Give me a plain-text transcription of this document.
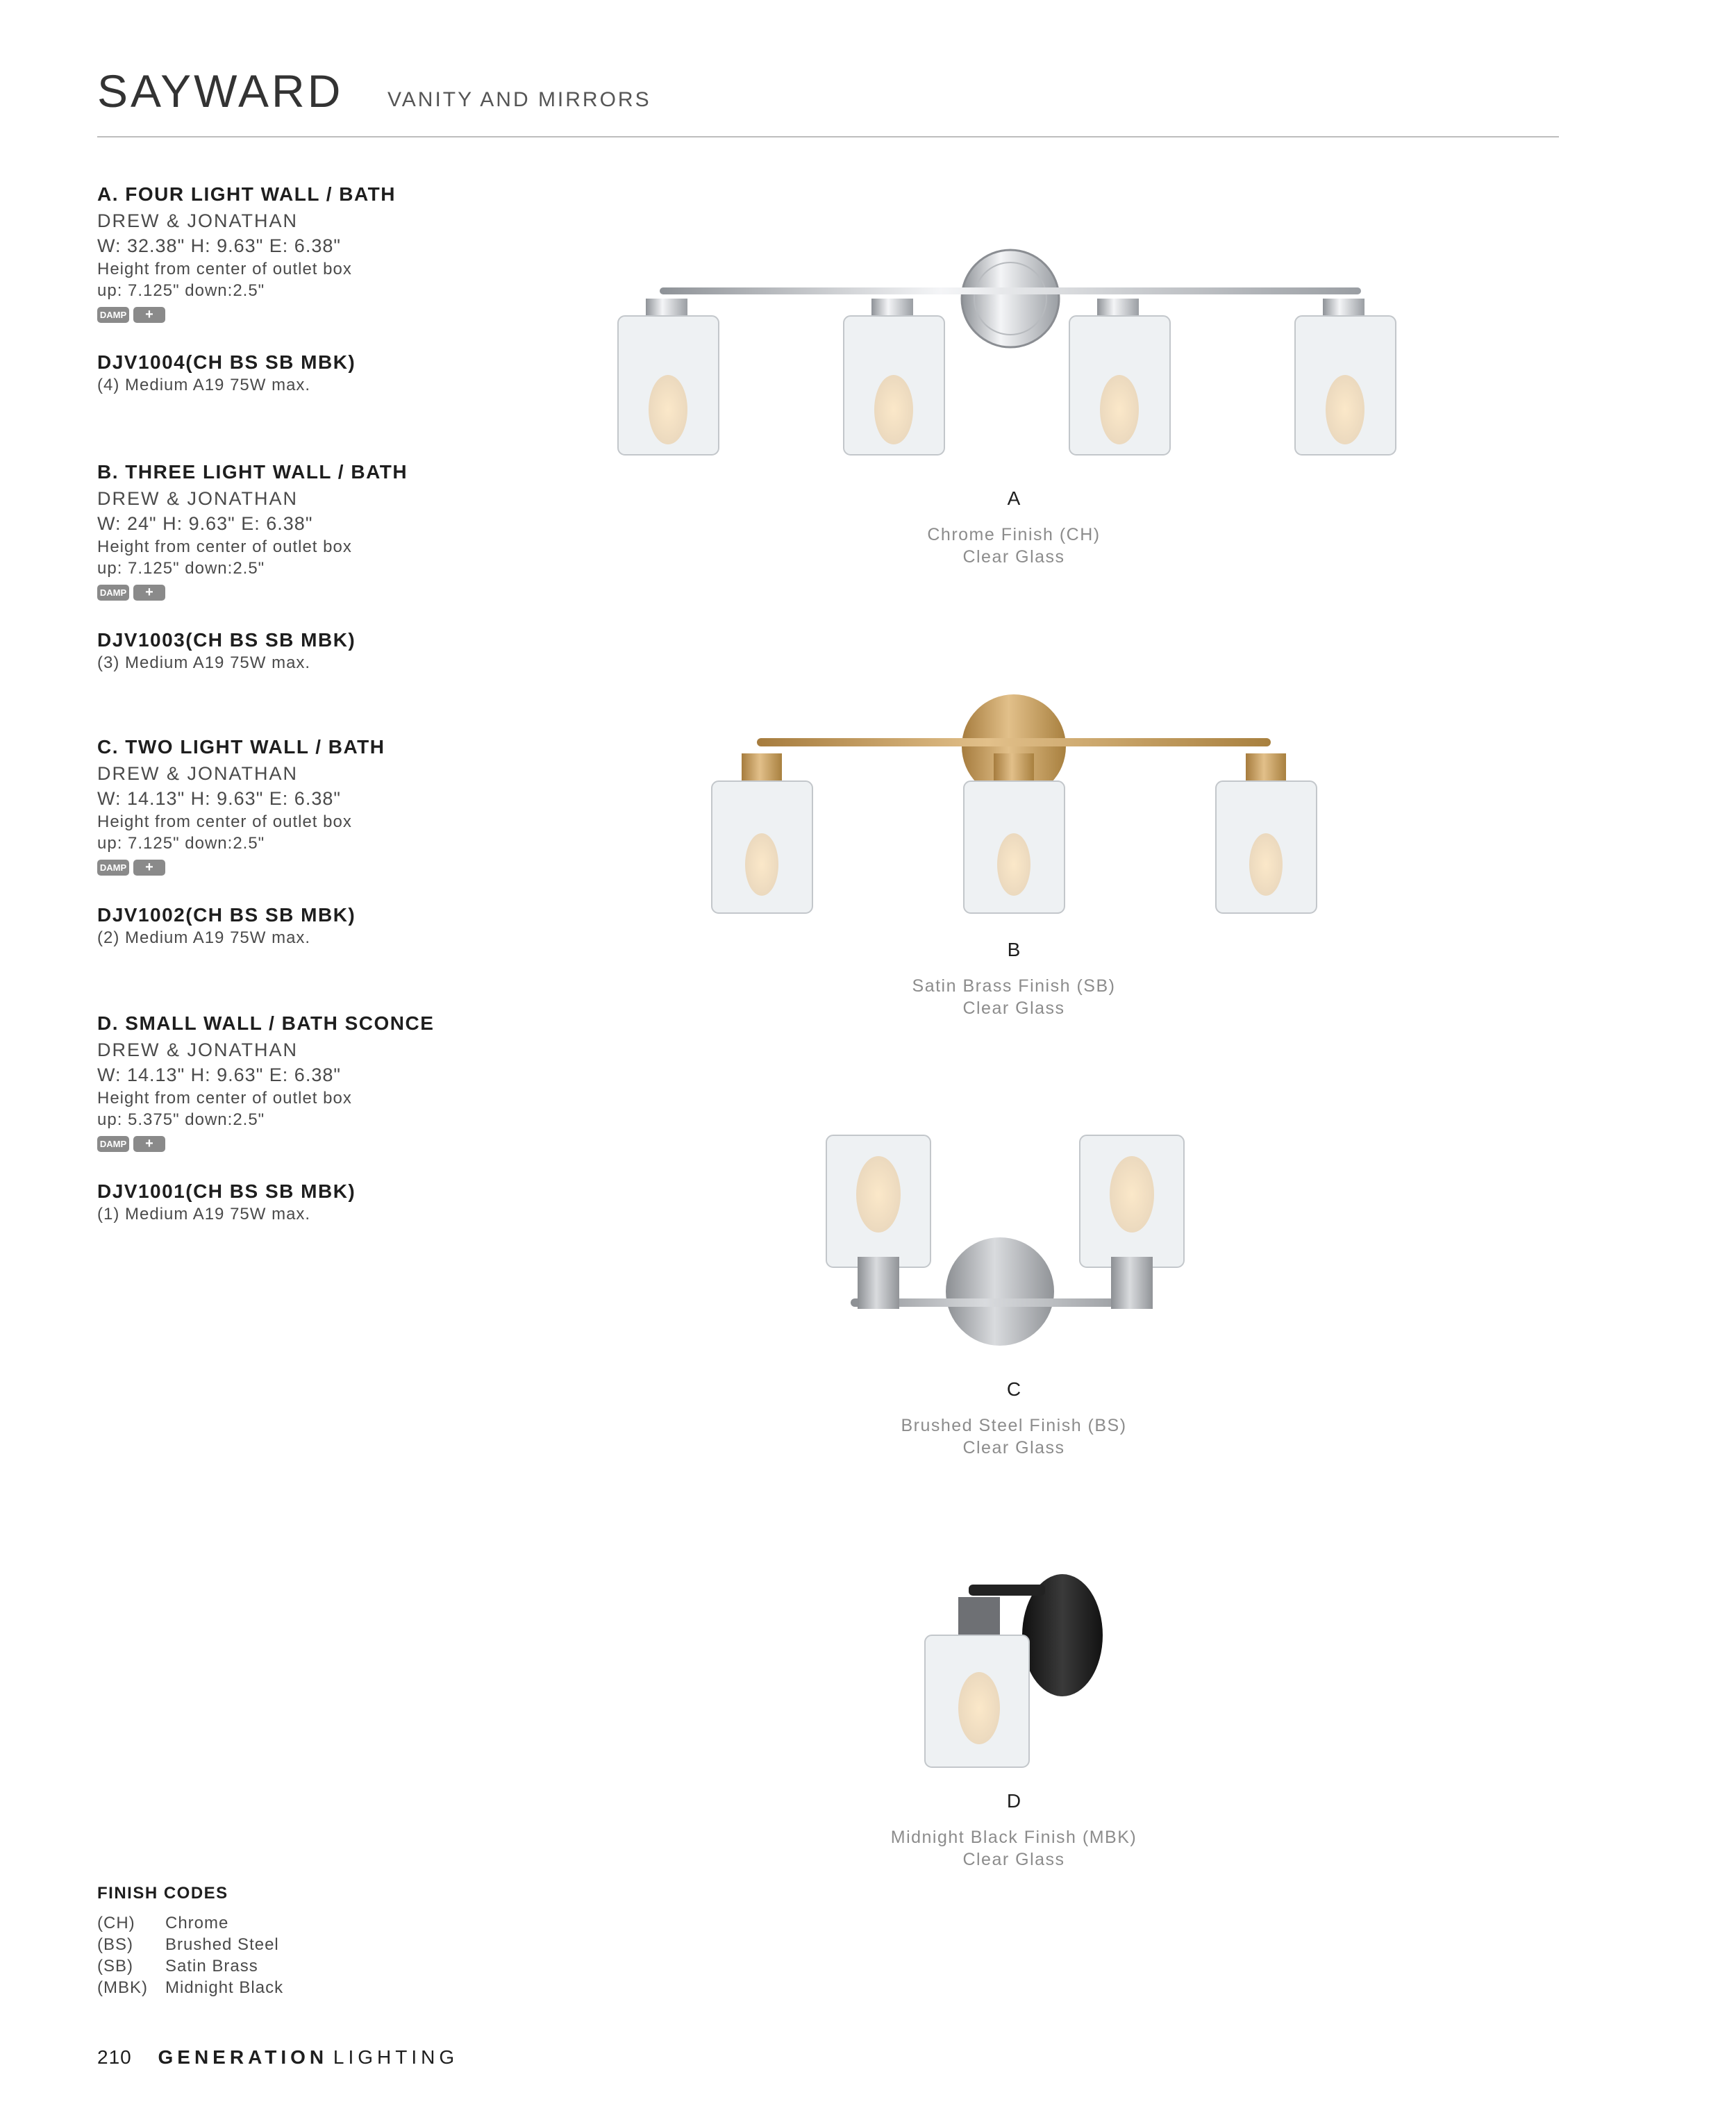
SAYWARD VANITY AND MIRRORS
A. FOUR LIGHT WALL / BATH
DREW & JONATHAN
W: 32.38" H: 9.63" E: 6.38"
Height from center of outlet box
up: 7.125" down:2.5"
DAMP	+
DJV1004(CH BS SB MBK)
(4) Medium A19 75W max.
B. THREE LIGHT WALL / BATH
DREW & JONATHAN
W: 24" H: 9.63" E: 6.38"
Height from center of outlet box
up: 7.125" down:2.5"
DAMP	+
DJV1003(CH BS SB MBK)
(3) Medium A19 75W max.
C. TWO LIGHT WALL / BATH
DREW & JONATHAN
W: 14.13" H: 9.63" E: 6.38"
Height from center of outlet box
up: 7.125" down:2.5"
DAMP	+
DJV1002(CH BS SB MBK)
(2) Medium A19 75W max.
D. SMALL WALL / BATH SCONCE
DREW & JONATHAN
W: 14.13" H: 9.63" E: 6.38"
Height from center of outlet box
up: 5.375" down:2.5"
DAMP	+
DJV1001(CH BS SB MBK)
(1) Medium A19 75W max.
A
Chrome Finish (CH)
Clear Glass
B
Satin Brass Finish (SB)
Clear Glass
C
Brushed Steel Finish (BS)
Clear Glass
D
Midnight Black Finish (MBK)
Clear Glass
FINISH CODES
(CH)	Chrome
(BS)	Brushed Steel
(SB)	Satin Brass
(MBK)	Midnight Black
210 GENERATION LIGHTING
